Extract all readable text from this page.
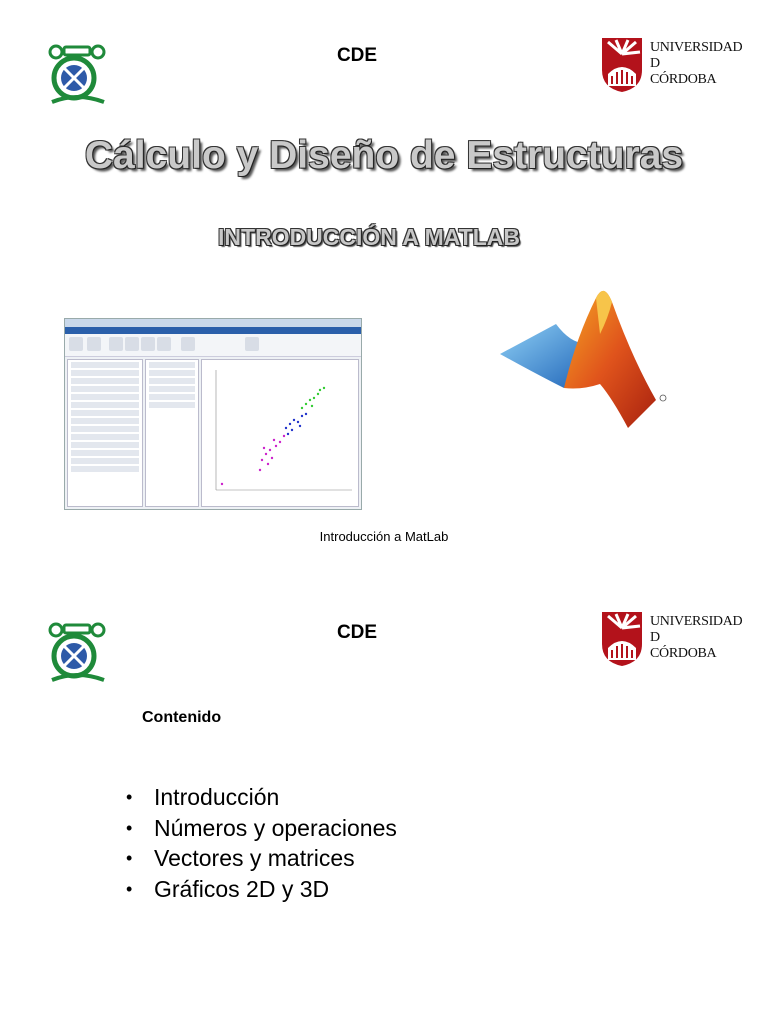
CDE	UNIVERSIDAD
D
CÓRDOBA
Cálculo y Diseño de Estructuras
INTRODUCCIÓN A MATLAB
Introducción a MatLab
CDE
UNIVERSIDAD
D
CÓRDOBA
Contenido
• Introducción
• Números y operaciones
• Vectores y matrices
• Gráficos 2D y 3D
